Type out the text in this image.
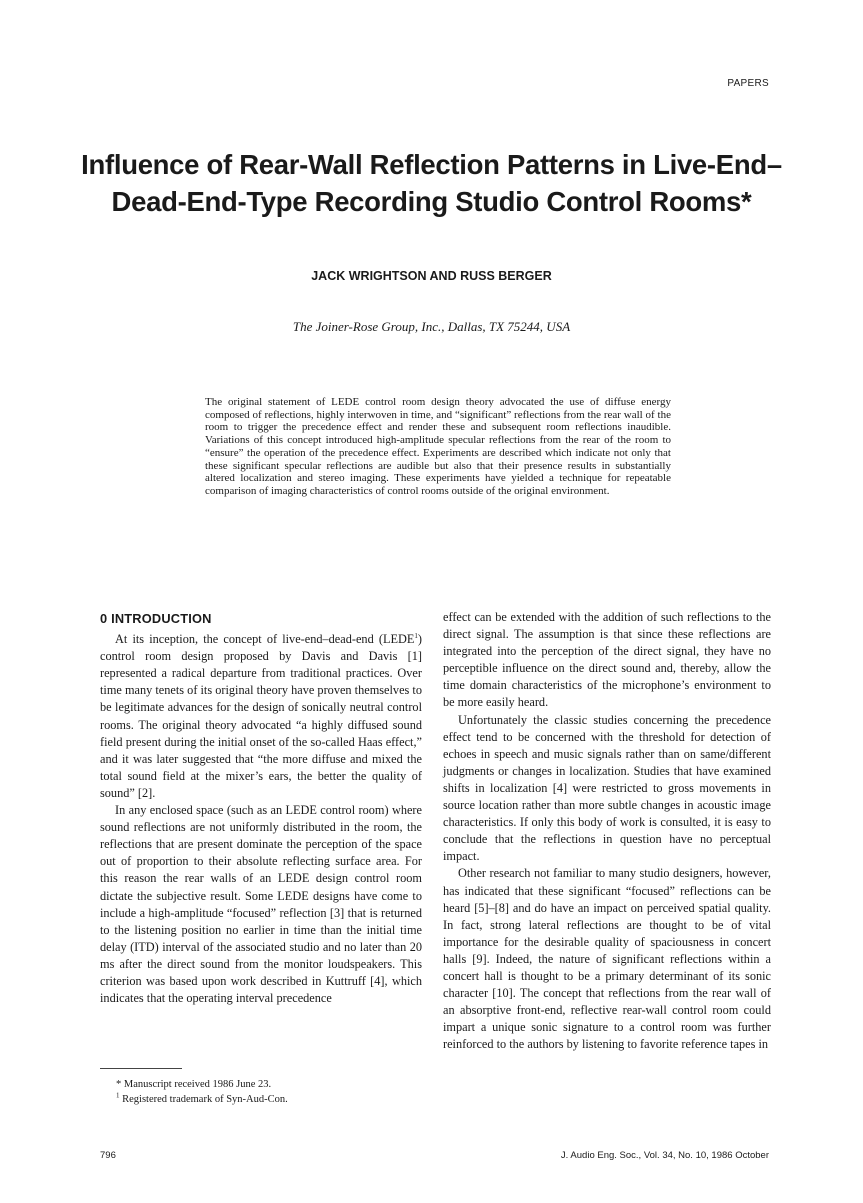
PAPERS
Influence of Rear-Wall Reflection Patterns in Live-End–
Dead-End-Type Recording Studio Control Rooms*
JACK WRIGHTSON AND RUSS BERGER
The Joiner-Rose Group, Inc., Dallas, TX 75244, USA

The original statement of LEDE control room design theory advocated the use of diffuse energy composed of reflections, highly interwoven in time, and “significant” reflections from the rear wall of the room to trigger the precedence effect and render these and subsequent room reflections inaudible. Variations of this concept introduced high-amplitude specular reflections from the rear of the room to “ensure” the operation of the precedence effect. Experiments are described which indicate not only that these significant specular reflections are audible but also that their presence results in substantially altered localization and stereo imaging. These experiments have yielded a technique for repeatable comparison of imaging characteristics of control rooms outside of the original environment.

0 INTRODUCTION

At its inception, the concept of live-end–dead-end (LEDE$^1$) control room design proposed by Davis and Davis [1] represented a radical departure from traditional practices. Over time many tenets of its original theory have proven themselves to be legitimate advances for the design of sonically neutral control rooms. The original theory advocated “a highly diffused sound field present during the initial onset of the so-called Haas effect,” and it was later suggested that “the more diffuse and mixed the total sound field at the mixer’s ears, the better the quality of sound” [2].

In any enclosed space (such as an LEDE control room) where sound reflections are not uniformly distributed in the room, the reflections that are present dominate the perception of the space out of proportion to their absolute reflecting surface area. For this reason the rear walls of an LEDE design control room dictate the subjective result. Some LEDE designs have come to include a high-amplitude “focused” reflection [3] that is returned to the listening position no earlier in time than the initial time delay (ITD) interval of the associated studio and no later than 20 ms after the direct sound from the monitor loudspeakers. This criterion was based upon work described in Kuttruff [4], which indicates that the operating interval precedence

effect can be extended with the addition of such reflections to the direct signal. The assumption is that since these reflections are integrated into the perception of the direct signal, they have no perceptible influence on the direct sound and, thereby, allow the time domain characteristics of the microphone’s environment to be more easily heard.

Unfortunately the classic studies concerning the precedence effect tend to be concerned with the threshold for detection of echoes in speech and music signals rather than on same/different judgments or changes in localization. Studies that have examined shifts in localization [4] were restricted to gross movements in source location rather than more subtle changes in acoustic image characteristics. If only this body of work is consulted, it is easy to conclude that the reflections in question have no perceptual impact.

Other research not familiar to many studio designers, however, has indicated that these significant “focused” reflections can be heard [5]–[8] and do have an impact on perceived spatial quality. In fact, strong lateral reflections are thought to be of vital importance for the desirable quality of spaciousness in concert halls [9]. Indeed, the nature of significant reflections within a concert hall is thought to be a primary determinant of its sonic character [10]. The concept that reflections from the rear wall of an absorptive front-end, reflective rear-wall control room could impart a unique sonic signature to a control room was further reinforced to the authors by listening to favorite reference tapes in

* Manuscript received 1986 June 23.
$^1$ Registered trademark of Syn-Aud-Con.
796	J. Audio Eng. Soc., Vol. 34, No. 10, 1986 October
